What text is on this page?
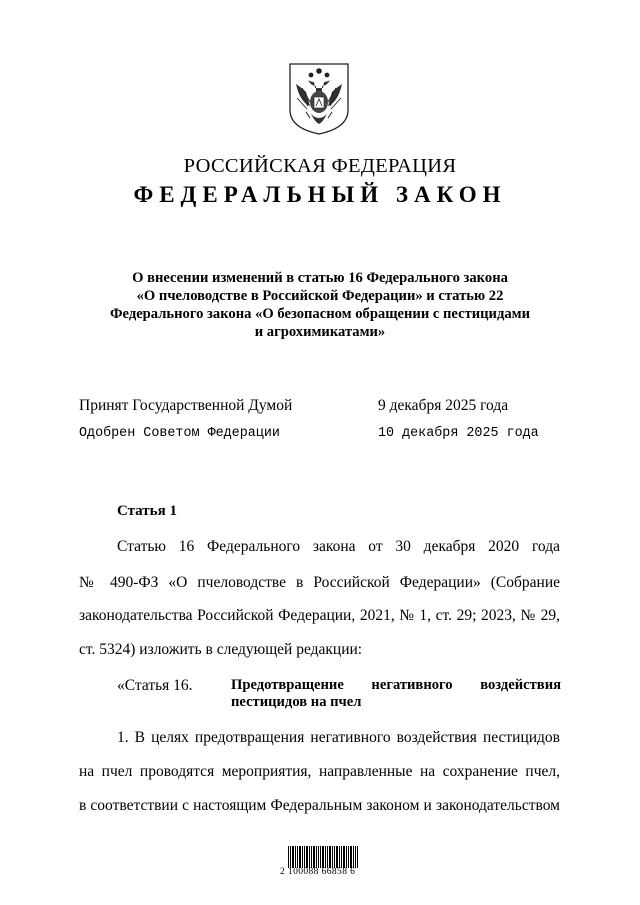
РОССИЙСКАЯ ФЕДЕРАЦИЯ
ФЕДЕРАЛЬНЫЙ ЗАКОН
О внесении изменений в статью 16 Федерального закона
«О пчеловодстве в Российской Федерации» и статью 22
Федерального закона «О безопасном обращении с пестицидами
и агрохимикатами»
Принят Государственной Думой	9 декабря 2025 года
Одобрен Советом Федерации	10 декабря 2025 года
Статья 1
Статью 16 Федерального закона от 30 декабря 2020 года
№ 490-ФЗ «О пчеловодстве в Российской Федерации» (Собрание
законодательства Российской Федерации, 2021, № 1, ст. 29; 2023, № 29,
ст. 5324) изложить в следующей редакции:
«Статья 16.	Предотвращение негативного воздействия
пестицидов на пчел
1. В целях предотвращения негативного воздействия пестицидов
на пчел проводятся мероприятия, направленные на сохранение пчел,
в соответствии с настоящим Федеральным законом и законодательством
2 100088 66858 6
